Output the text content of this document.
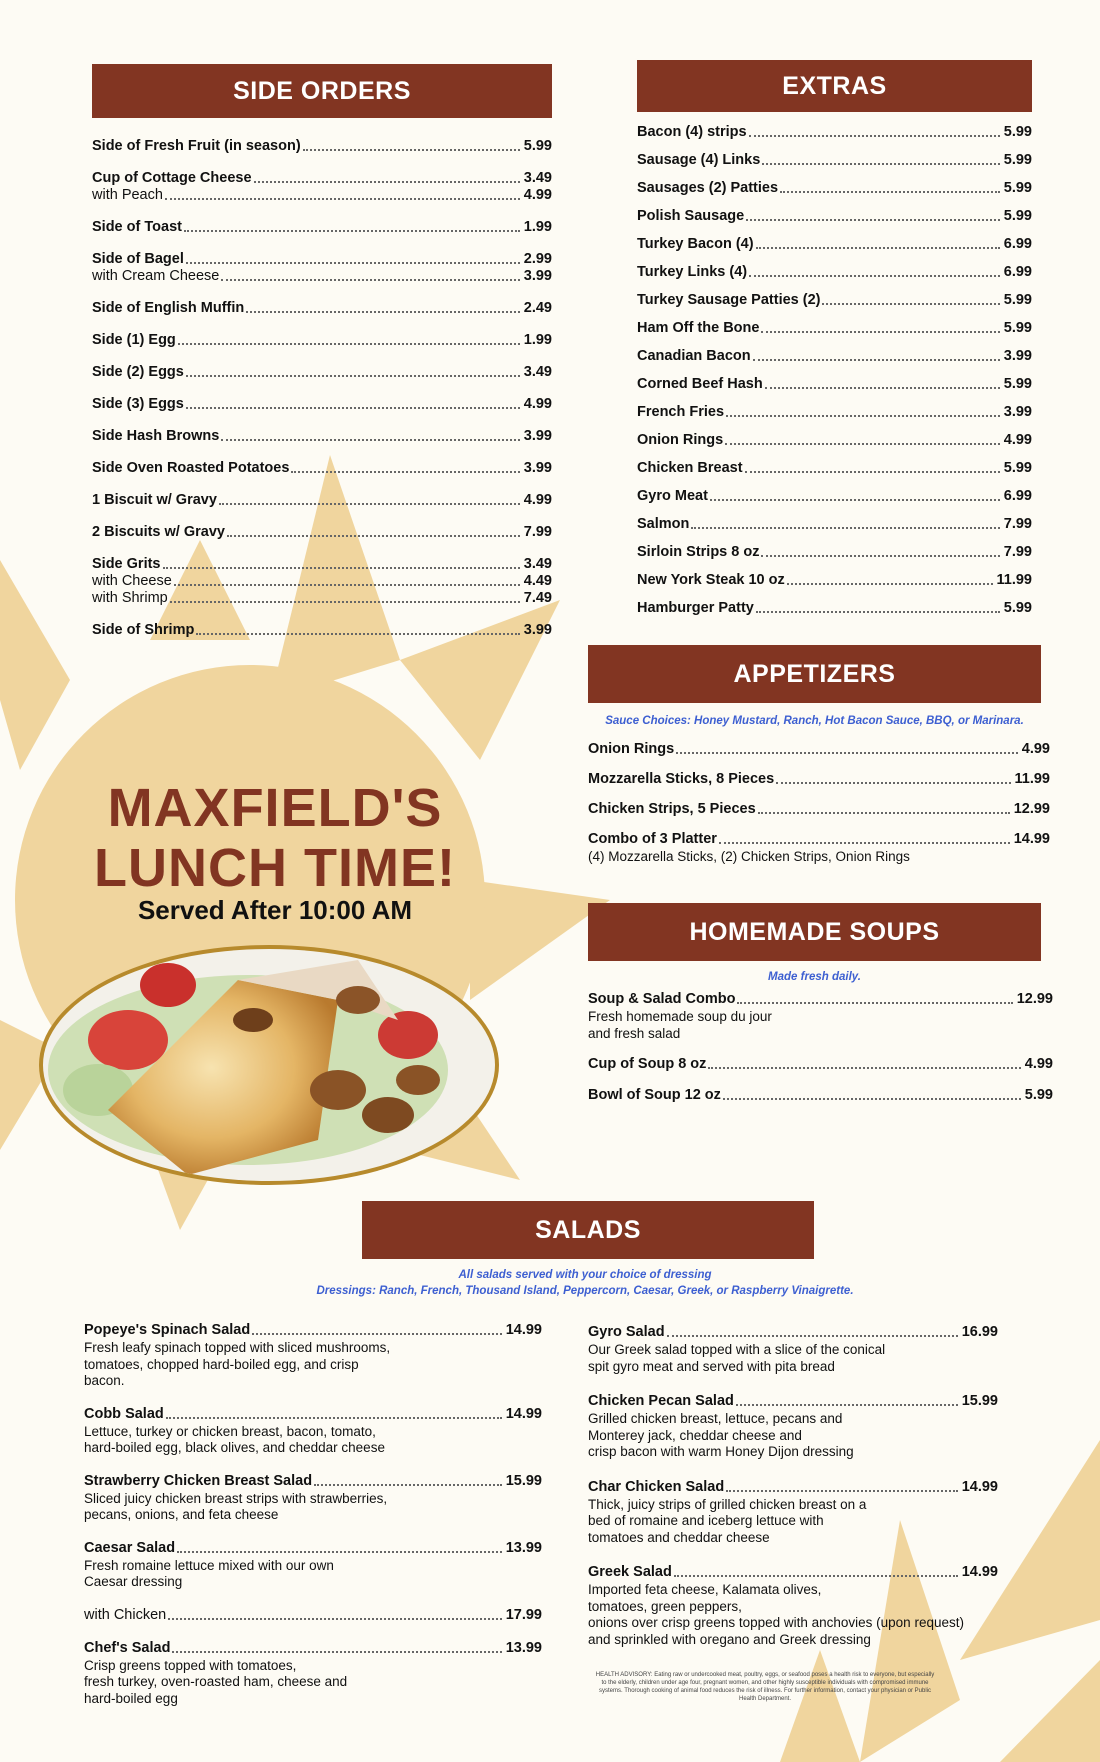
SIDE ORDERS
Side of Fresh Fruit (in season)	5.99
Cup of Cottage Cheese	3.49
with Peach	4.99
Side of Toast	1.99
Side of Bagel	2.99
with Cream Cheese	3.99
Side of English Muffin	2.49
Side (1) Egg	1.99
Side (2) Eggs	3.49
Side (3) Eggs	4.99
Side Hash Browns	3.99
Side Oven Roasted Potatoes	3.99
1 Biscuit w/ Gravy	4.99
2 Biscuits w/ Gravy	7.99
Side Grits	3.49
with Cheese	4.49
with Shrimp	7.49
Side of Shrimp	3.99
EXTRAS
Bacon (4) strips	5.99
Sausage (4) Links	5.99
Sausages (2) Patties	5.99
Polish Sausage	5.99
Turkey Bacon (4)	6.99
Turkey Links (4)	6.99
Turkey Sausage Patties (2)	5.99
Ham Off the Bone	5.99
Canadian Bacon	3.99
Corned Beef Hash	5.99
French Fries	3.99
Onion Rings	4.99
Chicken Breast	5.99
Gyro Meat	6.99
Salmon	7.99
Sirloin Strips 8 oz	7.99
New York Steak 10 oz	11.99
Hamburger Patty	5.99
APPETIZERS
Sauce Choices: Honey Mustard, Ranch, Hot Bacon Sauce, BBQ, or Marinara.
Onion Rings	4.99
Mozzarella Sticks, 8 Pieces	11.99
Chicken Strips, 5 Pieces	12.99
Combo of 3 Platter	14.99
(4) Mozzarella Sticks, (2) Chicken Strips, Onion Rings
HOMEMADE SOUPS
Made fresh daily.
Soup & Salad Combo	12.99
Fresh homemade soup du jour
and fresh salad
Cup of Soup 8 oz	4.99
Bowl of Soup 12 oz	5.99
MAXFIELD'S
LUNCH TIME!
Served After 10:00 AM
SALADS
All salads served with your choice of dressing
Dressings: Ranch, French, Thousand Island, Peppercorn, Caesar, Greek, or Raspberry Vinaigrette.
Popeye's Spinach Salad	14.99
Fresh leafy spinach topped with sliced mushrooms,
tomatoes, chopped hard-boiled egg, and crisp
bacon.
Cobb Salad	14.99
Lettuce, turkey or chicken breast, bacon, tomato,
hard-boiled egg, black olives, and cheddar cheese
Strawberry Chicken Breast Salad	15.99
Sliced juicy chicken breast strips with strawberries,
pecans, onions, and feta cheese
Caesar Salad	13.99
Fresh romaine lettuce mixed with our own
Caesar dressing
with Chicken	17.99
Chef's Salad	13.99
Crisp greens topped with tomatoes,
fresh turkey, oven-roasted ham, cheese and
hard-boiled egg
Gyro Salad	16.99
Our Greek salad topped with a slice of the conical
spit gyro meat and served with pita bread
Chicken Pecan Salad	15.99
Grilled chicken breast, lettuce, pecans and
Monterey jack, cheddar cheese and
crisp bacon with warm Honey Dijon dressing
Char Chicken Salad	14.99
Thick, juicy strips of grilled chicken breast on a
bed of romaine and iceberg lettuce with
tomatoes and cheddar cheese
Greek Salad	14.99
Imported feta cheese, Kalamata olives,
tomatoes, green peppers,
onions over crisp greens topped with anchovies (upon request)
and sprinkled with oregano and Greek dressing
HEALTH ADVISORY: Eating raw or undercooked meat, poultry, eggs, or seafood poses a health risk to everyone, but especially to the elderly, children under age four, pregnant women, and other highly susceptible individuals with compromised immune systems. Thorough cooking of animal food reduces the risk of illness. For further information, contact your physician or Public Health Department.
